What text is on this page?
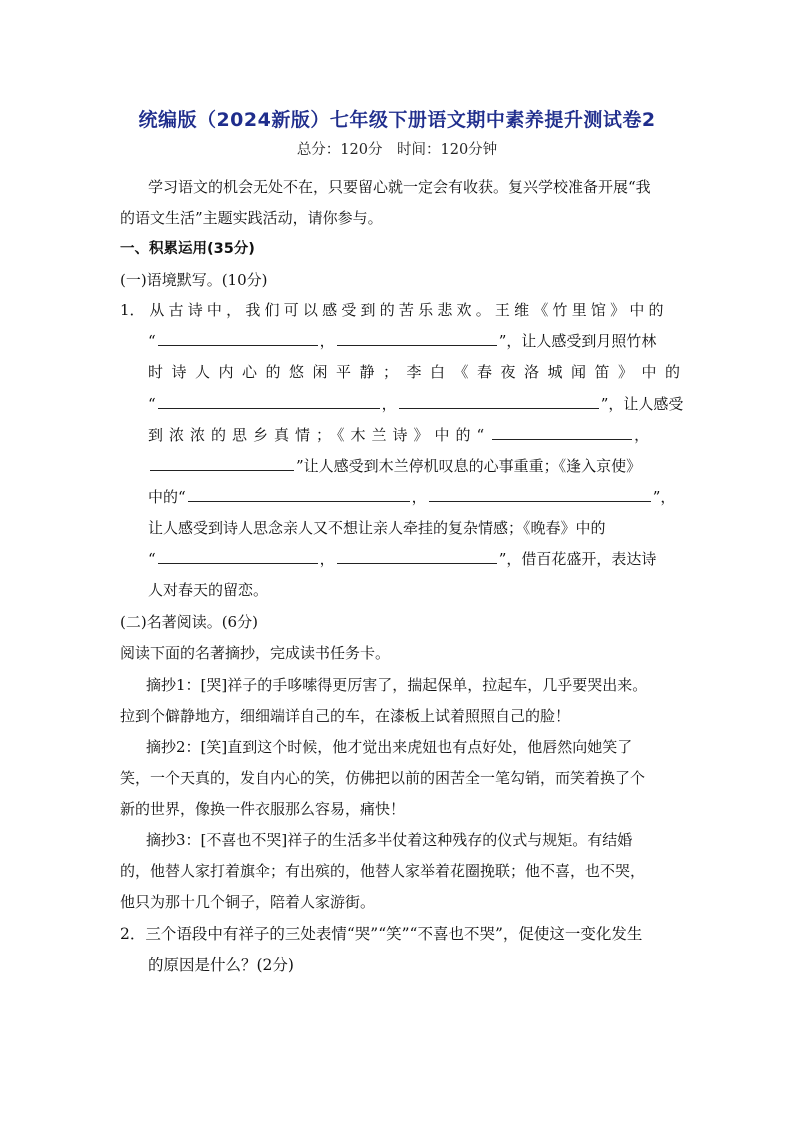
统编版（2024新版）七年级下册语文期中素养提升测试卷2
总分：120分　时间：120分钟
学习语文的机会无处不在，只要留心就一定会有收获。复兴学校准备开展“我
的语文生活”主题实践活动，请你参与。
一、积累运用(35分)
(一)语境默写。(10分)
1． 从古诗中，我们可以感受到的苦乐悲欢。王维《竹里馆》中的
“	，	”，让人感受到月照竹林
时诗人内心的悠闲平静；李白《春夜洛城闻笛》中的
“	，	”，让人感受
到浓浓的思乡真情；《木兰诗》中的“	，
”让人感受到木兰停机叹息的心事重重；《逢入京使》
中的“	，	”，
让人感受到诗人思念亲人又不想让亲人牵挂的复杂情感；《晚春》中的
“	，	”，借百花盛开，表达诗
人对春天的留恋。
(二)名著阅读。(6分)
阅读下面的名著摘抄，完成读书任务卡。
摘抄1：[哭]祥子的手哆嗦得更厉害了，揣起保单，拉起车，几乎要哭出来。
拉到个僻静地方，细细端详自己的车，在漆板上试着照照自己的脸！
摘抄2：[笑]直到这个时候，他才觉出来虎妞也有点好处，他唇然向她笑了
笑，一个天真的，发自内心的笑，仿佛把以前的困苦全一笔勾销，而笑着换了个
新的世界，像换一件衣服那么容易，痛快！
摘抄3：[不喜也不哭]祥子的生活多半仗着这种残存的仪式与规矩。有结婚
的，他替人家打着旗伞；有出殡的，他替人家举着花圈挽联；他不喜，也不哭，
他只为那十几个铜子，陪着人家游街。
2．三个语段中有祥子的三处表情“哭”“笑”“不喜也不哭”，促使这一变化发生
的原因是什么？(2分)
